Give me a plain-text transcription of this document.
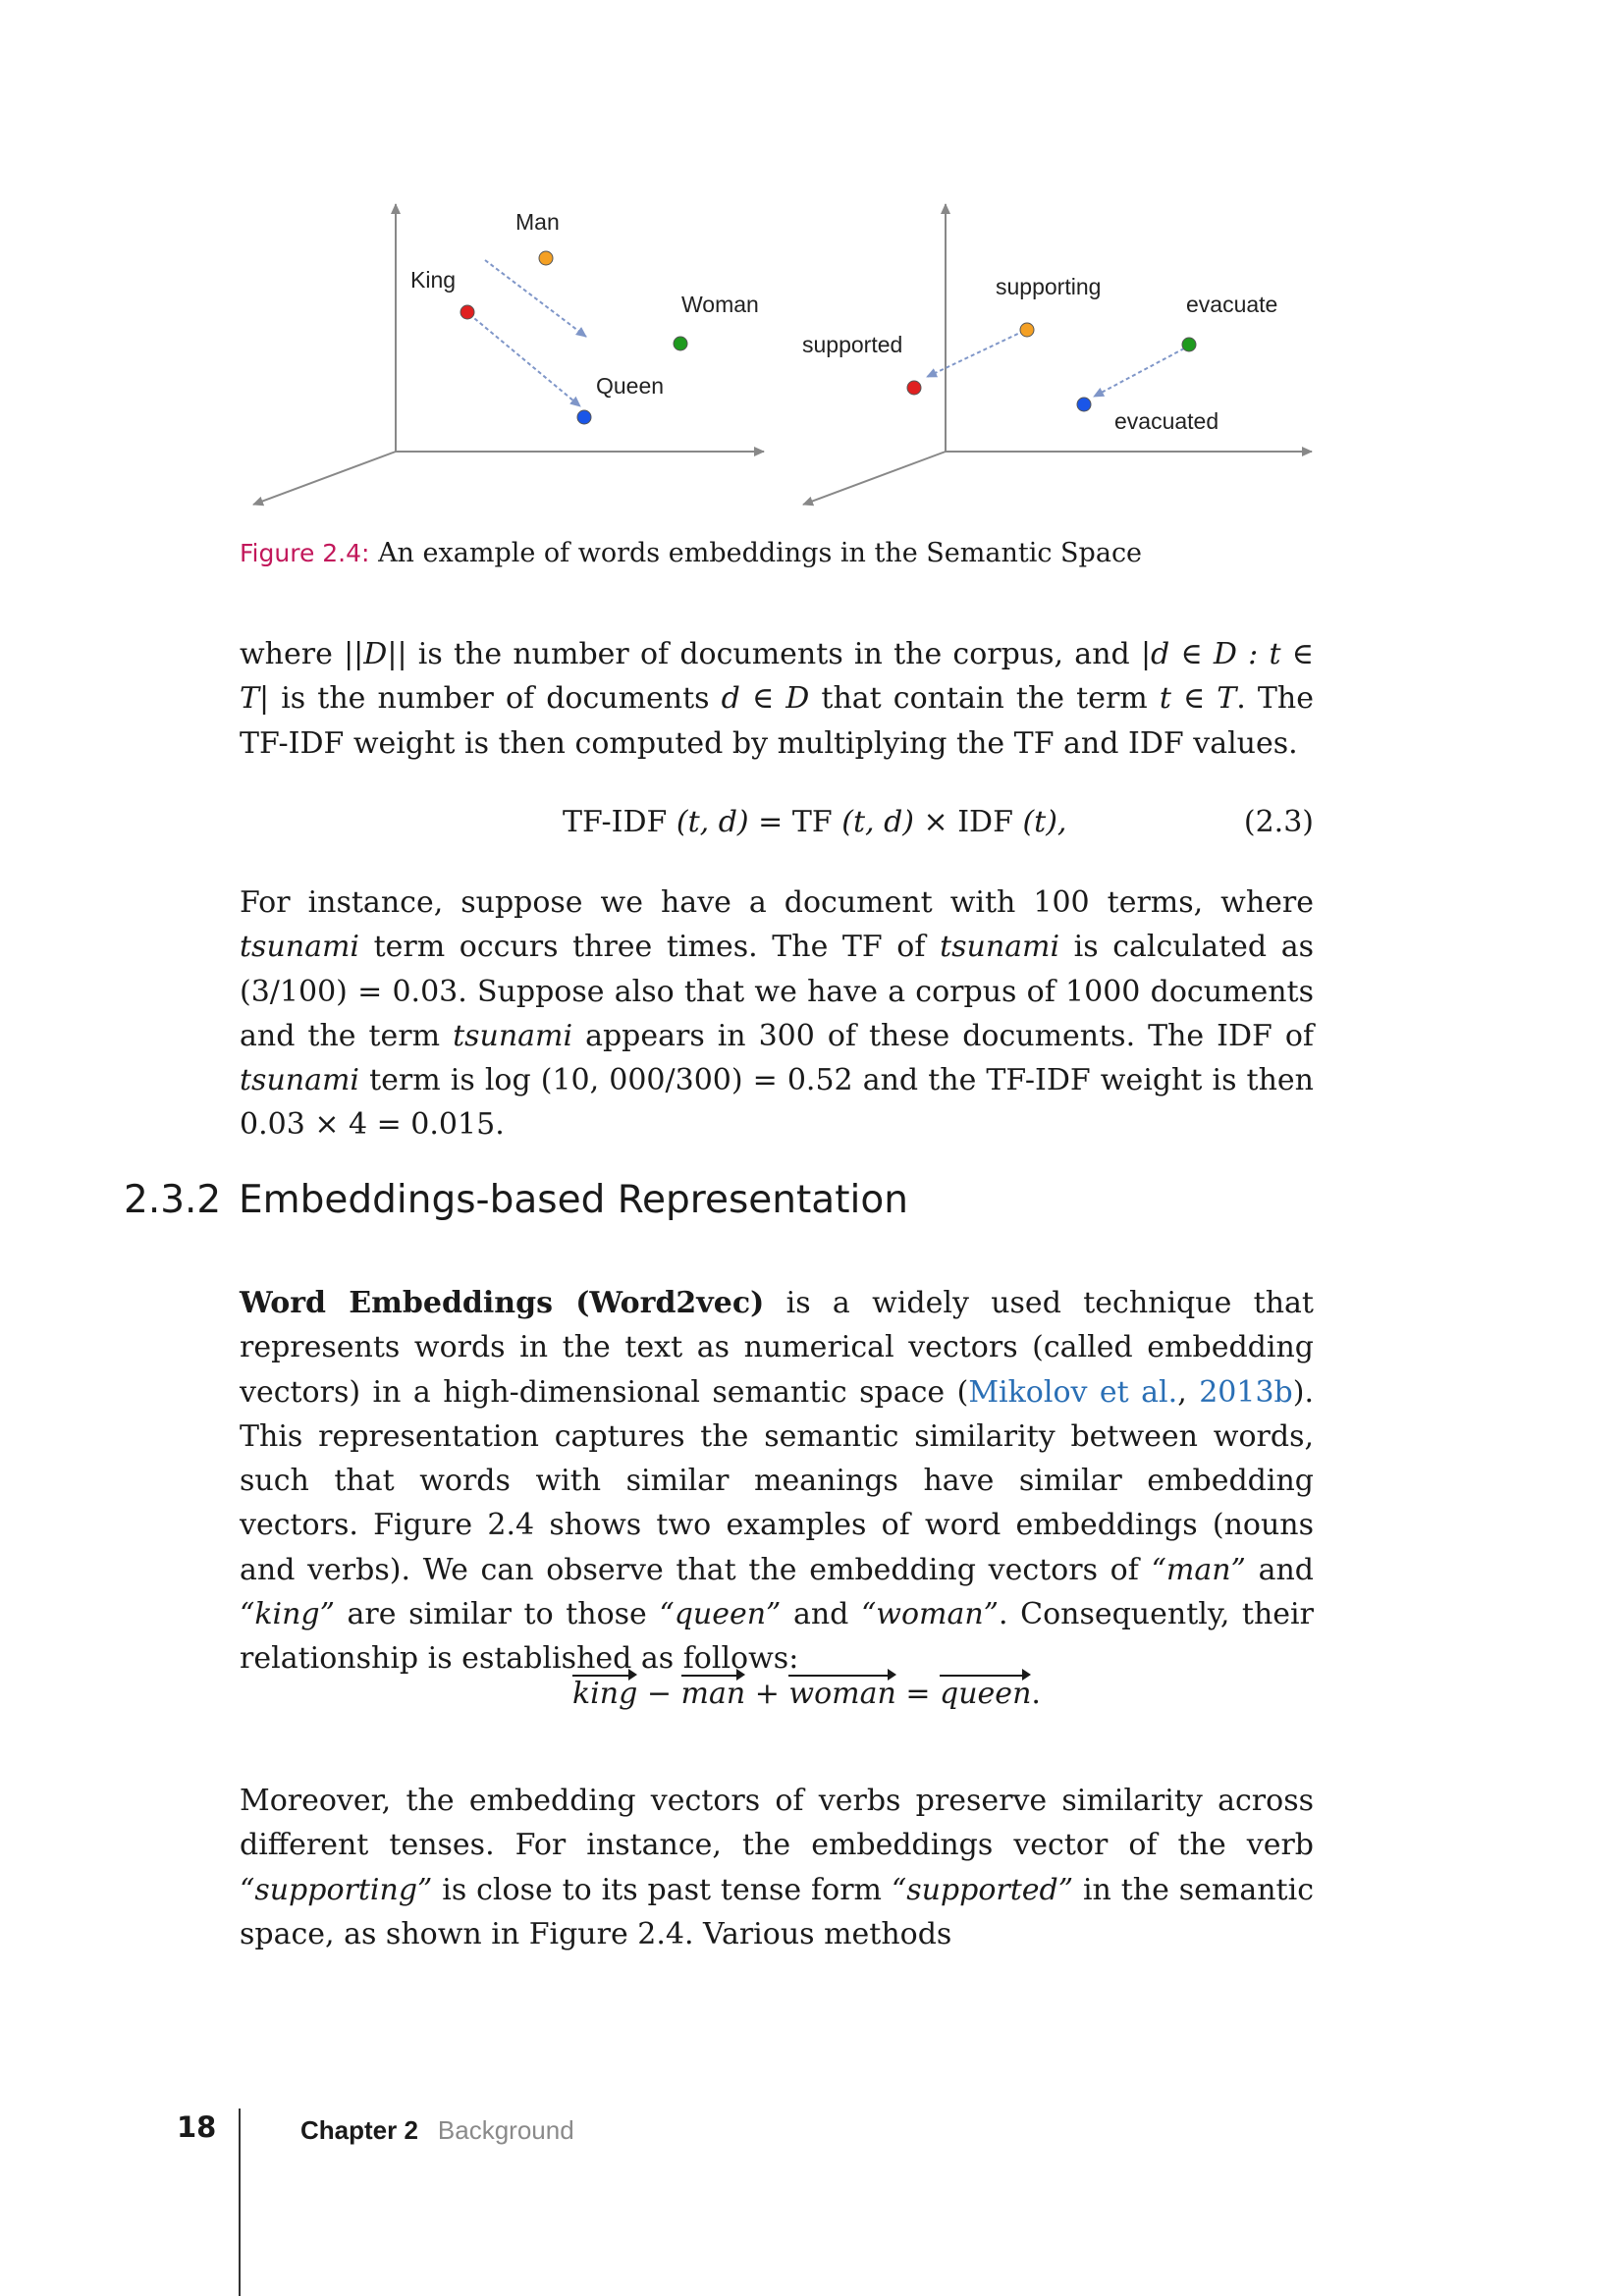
Man
King
Woman
Queen
supporting
evacuate
supported
evacuated
Figure 2.4: An example of words embeddings in the Semantic Space

where ||D|| is the number of documents in the corpus, and |d ∈ D : t ∈ T| is the number of documents d ∈ D that contain the term t ∈ T. The TF-IDF weight is then computed by multiplying the TF and IDF values.

TF-IDF (t, d) = TF (t, d) × IDF (t),	(2.3)

For instance, suppose we have a document with 100 terms, where tsunami term occurs three times. The TF of tsunami is calculated as (3/100) = 0.03. Suppose also that we have a corpus of 1000 documents and the term tsunami appears in 300 of these documents. The IDF of tsunami term is log (10, 000/300) = 0.52 and the TF-IDF weight is then 0.03 × 4 = 0.015.

2.3.2 Embeddings-based Representation

Word Embeddings (Word2vec) is a widely used technique that represents words in the text as numerical vectors (called embedding vectors) in a high-dimensional semantic space (Mikolov et al., 2013b). This representation captures the semantic similarity between words, such that words with similar meanings have similar embedding vectors. Figure 2.4 shows two examples of word embeddings (nouns and verbs). We can observe that the embedding vectors of “man” and “king” are similar to those “queen” and “woman”. Consequently, their relationship is established as follows:

king − man + woman = queen.

Moreover, the embedding vectors of verbs preserve similarity across different tenses. For instance, the embeddings vector of the verb “supporting” is close to its past tense form “supported” in the semantic space, as shown in Figure 2.4. Various methods

18	Chapter 2 Background
